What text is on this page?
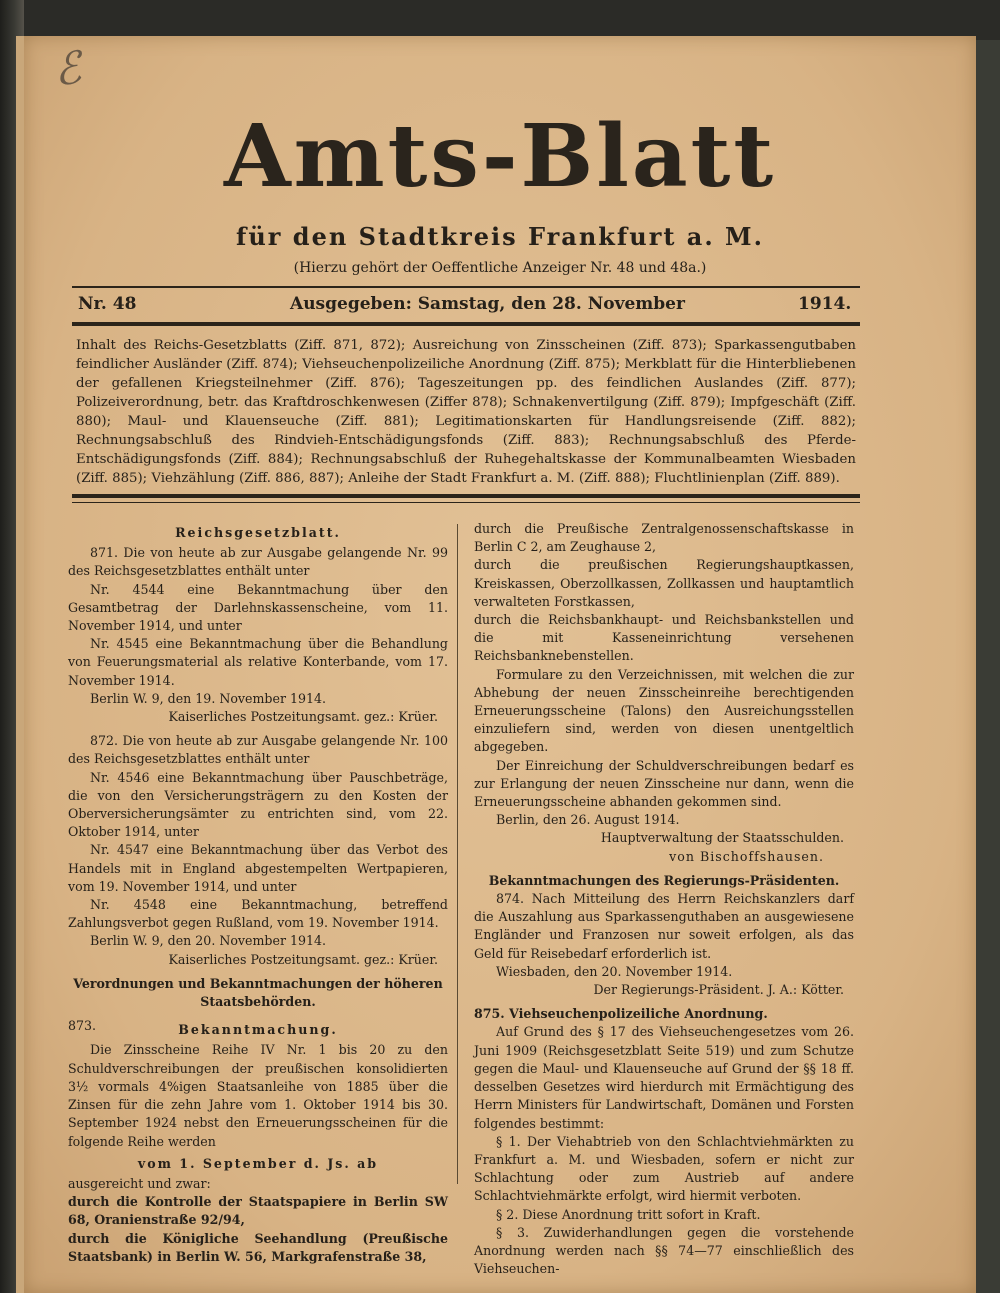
ℰ
Amts-Blatt
für den Stadtkreis Frankfurt a. M.
(Hierzu gehört der Oeffentliche Anzeiger Nr. 48 und 48a.)
Nr. 48	Ausgegeben: Samstag, den 28. November	1914.

Inhalt des Reichs-Gesetzblatts (Ziff. 871, 872); Ausreichung von Zinsscheinen (Ziff. 873); Sparkassengutbaben feindlicher Ausländer (Ziff. 874); Viehseuchenpolizeiliche Anordnung (Ziff. 875); Merkblatt für die Hinterbliebenen der gefallenen Kriegsteilnehmer (Ziff. 876); Tageszeitungen pp. des feindlichen Auslandes (Ziff. 877); Polizeiverordnung, betr. das Kraftdroschkenwesen (Ziffer 878); Schnakenvertilgung (Ziff. 879); Impfgeschäft (Ziff. 880); Maul- und Klauenseuche (Ziff. 881); Legitimationskarten für Handlungsreisende (Ziff. 882); Rechnungsabschluß des Rindvieh-Entschädigungsfonds (Ziff. 883); Rechnungsabschluß des Pferde-Entschädigungsfonds (Ziff. 884); Rechnungsabschluß der Ruhegehaltskasse der Kommunalbeamten Wiesbaden (Ziff. 885); Viehzählung (Ziff. 886, 887); Anleihe der Stadt Frankfurt a. M. (Ziff. 888); Fluchtlinienplan (Ziff. 889).

Reichsgesetzblatt.

871. Die von heute ab zur Ausgabe gelangende Nr. 99 des Reichsgesetzblattes enthält unter

Nr. 4544 eine Bekanntmachung über den Gesamtbetrag der Darlehnskassenscheine, vom 11. November 1914, und unter

Nr. 4545 eine Bekanntmachung über die Behandlung von Feuerungsmaterial als relative Konterbande, vom 17. November 1914.

Berlin W. 9, den 19. November 1914.

Kaiserliches Postzeitungsamt. gez.: Krüer.

872. Die von heute ab zur Ausgabe gelangende Nr. 100 des Reichsgesetzblattes enthält unter

Nr. 4546 eine Bekanntmachung über Pauschbeträge, die von den Versicherungsträgern zu den Kosten der Oberversicherungsämter zu entrichten sind, vom 22. Oktober 1914, unter

Nr. 4547 eine Bekanntmachung über das Verbot des Handels mit in England abgestempelten Wertpapieren, vom 19. November 1914, und unter

Nr. 4548 eine Bekanntmachung, betreffend Zahlungsverbot gegen Rußland, vom 19. November 1914.

Berlin W. 9, den 20. November 1914.

Kaiserliches Postzeitungsamt. gez.: Krüer.

Verordnungen und Bekanntmachungen der höheren Staatsbehörden.

873.	Bekanntmachung.

Die Zinsscheine Reihe IV Nr. 1 bis 20 zu den Schuldverschreibungen der preußischen konsolidierten 3½ vormals 4%igen Staatsanleihe von 1885 über die Zinsen für die zehn Jahre vom 1. Oktober 1914 bis 30. September 1924 nebst den Erneuerungsscheinen für die folgende Reihe werden

vom 1. September d. Js. ab

ausgereicht und zwar:

durch die Kontrolle der Staatspapiere in Berlin SW 68, Oranienstraße 92/94,

durch die Königliche Seehandlung (Preußische Staatsbank) in Berlin W. 56, Markgrafenstraße 38,

durch die Preußische Zentralgenossenschaftskasse in Berlin C 2, am Zeughause 2,

durch die preußischen Regierungshauptkassen, Kreiskassen, Oberzollkassen, Zollkassen und hauptamtlich verwalteten Forstkassen,

durch die Reichsbankhaupt- und Reichsbankstellen und die mit Kasseneinrichtung versehenen Reichsbanknebenstellen.

Formulare zu den Verzeichnissen, mit welchen die zur Abhebung der neuen Zinsscheinreihe berechtigenden Erneuerungsscheine (Talons) den Ausreichungsstellen einzuliefern sind, werden von diesen unentgeltlich abgegeben.

Der Einreichung der Schuldverschreibungen bedarf es zur Erlangung der neuen Zinsscheine nur dann, wenn die Erneuerungsscheine abhanden gekommen sind.

Berlin, den 26. August 1914.

Hauptverwaltung der Staatsschulden.

von Bischoffshausen.

Bekanntmachungen des Regierungs-Präsidenten.

874. Nach Mitteilung des Herrn Reichskanzlers darf die Auszahlung aus Sparkassenguthaben an ausgewiesene Engländer und Franzosen nur soweit erfolgen, als das Geld für Reisebedarf erforderlich ist.

Wiesbaden, den 20. November 1914.

Der Regierungs-Präsident. J. A.: Kötter.

875. Viehseuchenpolizeiliche Anordnung.

Auf Grund des § 17 des Viehseuchengesetzes vom 26. Juni 1909 (Reichsgesetzblatt Seite 519) und zum Schutze gegen die Maul- und Klauenseuche auf Grund der §§ 18 ff. desselben Gesetzes wird hierdurch mit Ermächtigung des Herrn Ministers für Landwirtschaft, Domänen und Forsten folgendes bestimmt:

§ 1. Der Viehabtrieb von den Schlachtviehmärkten zu Frankfurt a. M. und Wiesbaden, sofern er nicht zur Schlachtung oder zum Austrieb auf andere Schlachtviehmärkte erfolgt, wird hiermit verboten.

§ 2. Diese Anordnung tritt sofort in Kraft.

§ 3. Zuwiderhandlungen gegen die vorstehende Anordnung werden nach §§ 74—77 einschließlich des Viehseuchen-
